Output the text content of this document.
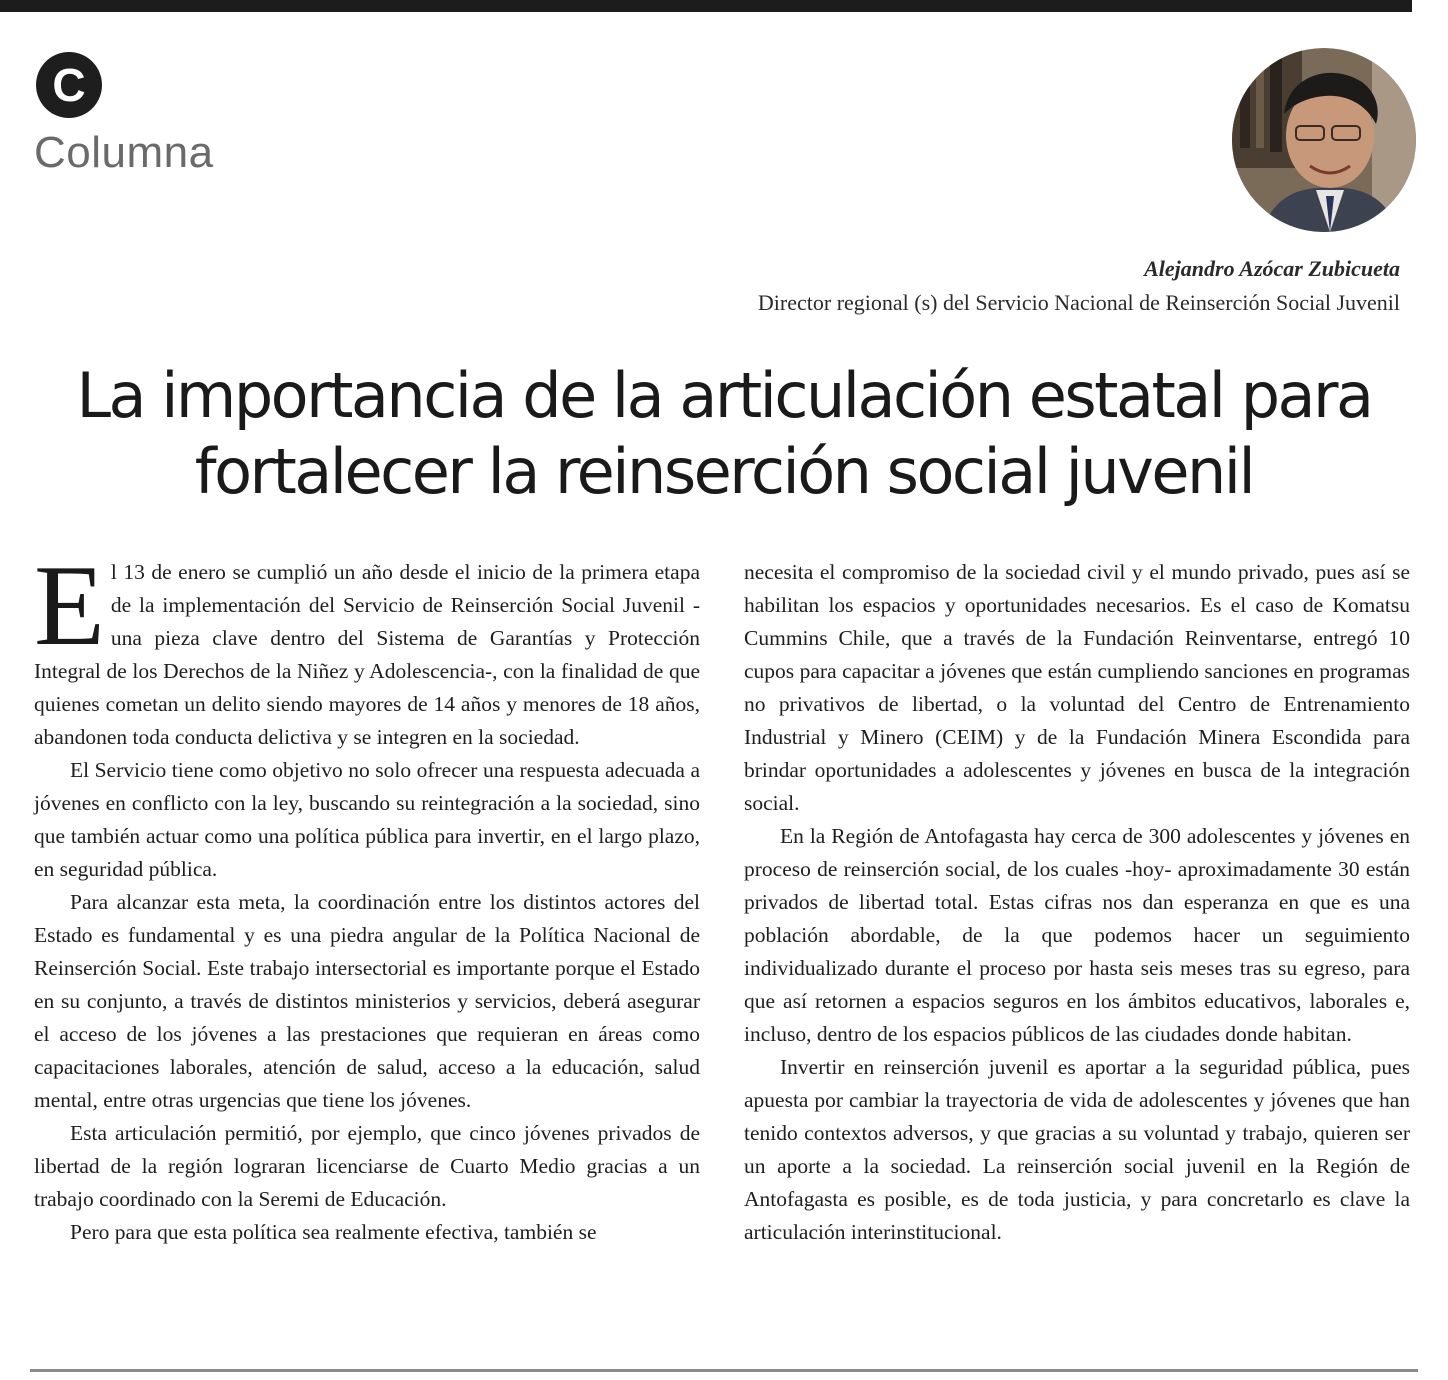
C
Columna
Alejandro Azócar Zubicueta
Director regional (s) del Servicio Nacional de Reinserción Social Juvenil
La importancia de la articulación estatal para
fortalecer la reinserción social juvenil

El 13 de enero se cumplió un año desde el inicio de la primera etapa de la implementación del Servicio de Reinserción Social Juvenil -una pieza clave dentro del Sistema de Garantías y Protección Integral de los Derechos de la Niñez y Adolescencia-, con la finalidad de que quienes cometan un delito siendo mayores de 14 años y menores de 18 años, abandonen toda conducta delictiva y se integren en la sociedad.

El Servicio tiene como objetivo no solo ofrecer una respuesta adecuada a jóvenes en conflicto con la ley, buscando su reintegración a la sociedad, sino que también actuar como una política pública para invertir, en el largo plazo, en seguridad pública.

Para alcanzar esta meta, la coordinación entre los distintos actores del Estado es fundamental y es una piedra angular de la Política Nacional de Reinserción Social. Este trabajo intersectorial es importante porque el Estado en su conjunto, a través de distintos ministerios y servicios, deberá asegurar el acceso de los jóvenes a las prestaciones que requieran en áreas como capacitaciones laborales, atención de salud, acceso a la educación, salud mental, entre otras urgencias que tiene los jóvenes.

Esta articulación permitió, por ejemplo, que cinco jóvenes privados de libertad de la región lograran licenciarse de Cuarto Medio gracias a un trabajo coordinado con la Seremi de Educación.

Pero para que esta política sea realmente efectiva, también se

necesita el compromiso de la sociedad civil y el mundo privado, pues así se habilitan los espacios y oportunidades necesarios. Es el caso de Komatsu Cummins Chile, que a través de la Fundación Reinventarse, entregó 10 cupos para capacitar a jóvenes que están cumpliendo sanciones en programas no privativos de libertad, o la voluntad del Centro de Entrenamiento Industrial y Minero (CEIM) y de la Fundación Minera Escondida para brindar oportunidades a adolescentes y jóvenes en busca de la integración social.

En la Región de Antofagasta hay cerca de 300 adolescentes y jóvenes en proceso de reinserción social, de los cuales -hoy- aproximadamente 30 están privados de libertad total. Estas cifras nos dan esperanza en que es una población abordable, de la que podemos hacer un seguimiento individualizado durante el proceso por hasta seis meses tras su egreso, para que así retornen a espacios seguros en los ámbitos educativos, laborales e, incluso, dentro de los espacios públicos de las ciudades donde habitan.

Invertir en reinserción juvenil es aportar a la seguridad pública, pues apuesta por cambiar la trayectoria de vida de adolescentes y jóvenes que han tenido contextos adversos, y que gracias a su voluntad y trabajo, quieren ser un aporte a la sociedad. La reinserción social juvenil en la Región de Antofagasta es posible, es de toda justicia, y para concretarlo es clave la articulación interinstitucional.
